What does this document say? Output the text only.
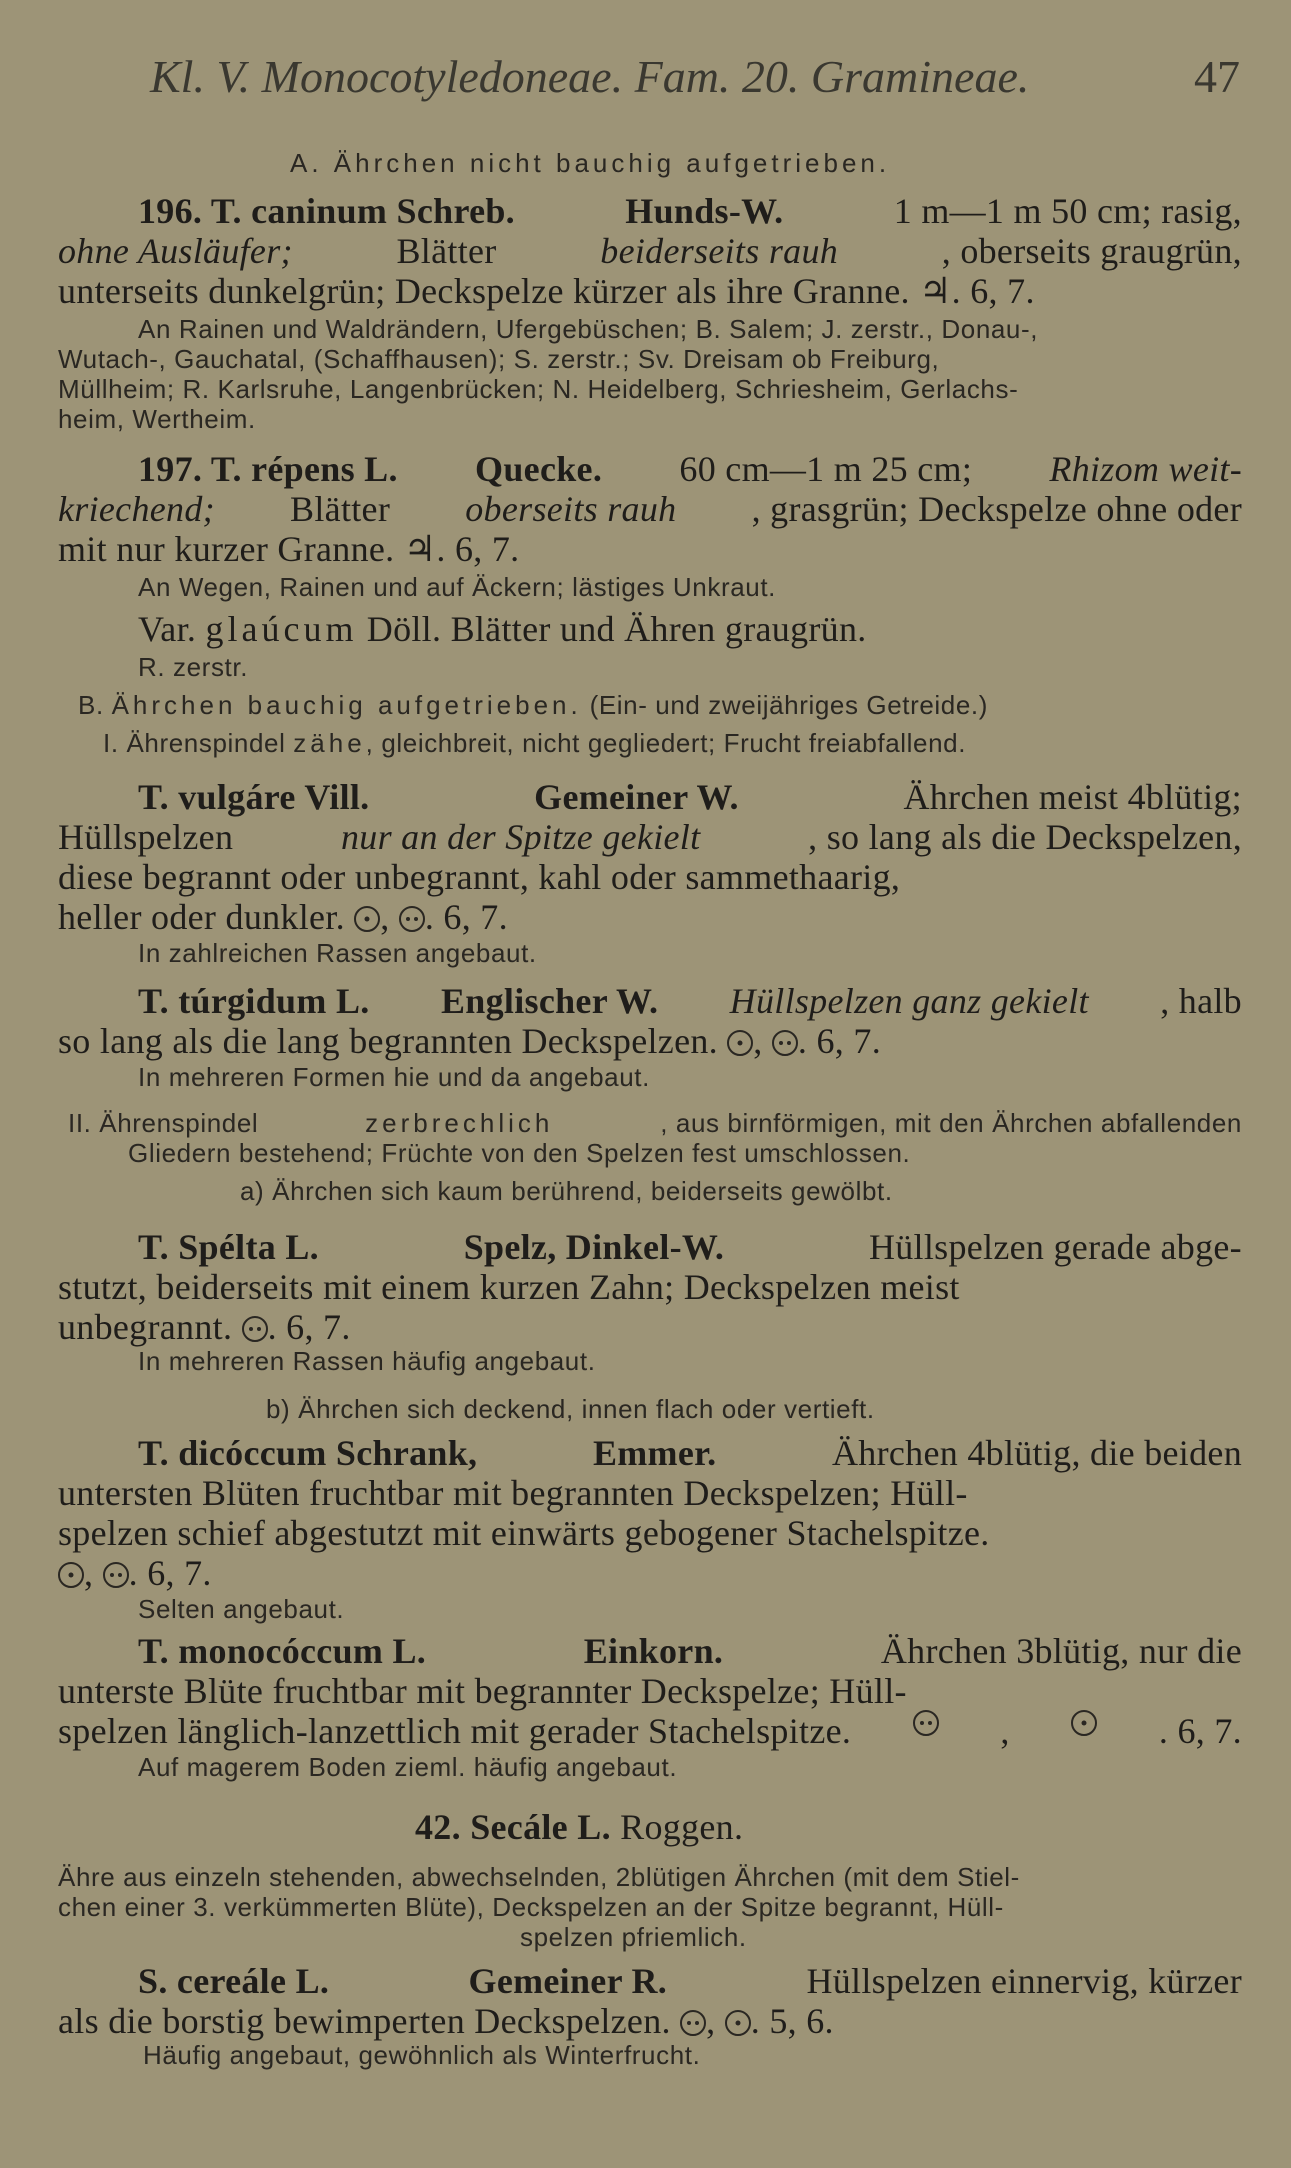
Kl. V. Monocotyledoneae. Fam. 20. Gramineae.	47
A. Ährchen nicht bauchig aufgetrieben.
196. T. caninum Schreb.	Hunds-W.	1 m—1 m 50 cm; rasig,
ohne Ausläufer;	Blätter	beiderseits rauh	, oberseits graugrün,
unterseits dunkelgrün; Deckspelze kürzer als ihre Granne. ♃. 6, 7.
An Rainen und Waldrändern, Ufergebüschen; B. Salem; J. zerstr., Donau-,
Wutach-, Gauchatal, (Schaffhausen); S. zerstr.; Sv. Dreisam ob Freiburg,
Müllheim; R. Karlsruhe, Langenbrücken; N. Heidelberg, Schriesheim, Gerlachs-
heim, Wertheim.
197. T. répens L. Quecke. 60 cm—1 m 25 cm; Rhizom weit-
kriechend; Blätter oberseits rauh , grasgrün; Deckspelze ohne oder
mit nur kurzer Granne. ♃. 6, 7.
An Wegen, Rainen und auf Äckern; lästiges Unkraut.
Var. glaúcum Döll. Blätter und Ähren graugrün.
R. zerstr.
B. Ährchen bauchig aufgetrieben. (Ein- und zweijähriges Getreide.)
I. Ährenspindel zähe, gleichbreit, nicht gegliedert; Frucht freiabfallend.
T. vulgáre Vill.	Gemeiner W.	Ährchen meist 4blütig;
Hüllspelzen	nur an der Spitze gekielt	, so lang als die Deckspelzen,
diese begrannt oder unbegrannt, kahl oder sammethaarig,
heller oder dunkler. , . 6, 7.
In zahlreichen Rassen angebaut.
T. túrgidum L. Englischer W. Hüllspelzen ganz gekielt , halb
so lang als die lang begrannten Deckspelzen. , . 6, 7.
In mehreren Formen hie und da angebaut.
II. Ährenspindel	zerbrechlich	, aus birnförmigen, mit den Ährchen abfallenden
Gliedern bestehend; Früchte von den Spelzen fest umschlossen.
a) Ährchen sich kaum berührend, beiderseits gewölbt.
T. Spélta L.	Spelz, Dinkel-W.	Hüllspelzen gerade abge-
stutzt, beiderseits mit einem kurzen Zahn; Deckspelzen meist
unbegrannt. . 6, 7.
In mehreren Rassen häufig angebaut.
b) Ährchen sich deckend, innen flach oder vertieft.
T. dicóccum Schrank,	Emmer.	Ährchen 4blütig, die beiden
untersten Blüten fruchtbar mit begrannten Deckspelzen; Hüll-
spelzen schief abgestutzt mit einwärts gebogener Stachelspitze.
, . 6, 7.
Selten angebaut.
T. monocóccum L.	Einkorn.	Ährchen 3blütig, nur die
unterste Blüte fruchtbar mit begrannter Deckspelze; Hüll-
spelzen länglich-lanzettlich mit gerader Stachelspitze.	,	. 6, 7.
Auf magerem Boden zieml. häufig angebaut.
42. Secále L. Roggen.
Ähre aus einzeln stehenden, abwechselnden, 2blütigen Ährchen (mit dem Stiel-
chen einer 3. verkümmerten Blüte), Deckspelzen an der Spitze begrannt, Hüll-
spelzen pfriemlich.
S. cereále L.	Gemeiner R.	Hüllspelzen einnervig, kürzer
als die borstig bewimperten Deckspelzen. , . 5, 6.
Häufig angebaut, gewöhnlich als Winterfrucht.
